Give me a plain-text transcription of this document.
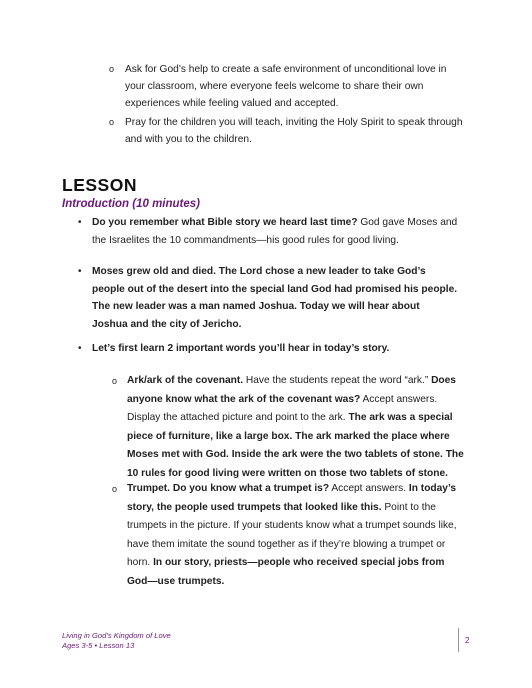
o Ask for God’s help to create a safe environment of unconditional love in your classroom, where everyone feels welcome to share their own experiences while feeling valued and accepted.
o Pray for the children you will teach, inviting the Holy Spirit to speak through and with you to the children.
LESSON
Introduction (10 minutes)
•	Do you remember what Bible story we heard last time? God gave Moses and the Israelites the 10 commandments—his good rules for good living.
•	Moses grew old and died. The Lord chose a new leader to take God’s people out of the desert into the special land God had promised his people. The new leader was a man named Joshua. Today we will hear about Joshua and the city of Jericho.
•	Let’s first learn 2 important words you’ll hear in today’s story.
o Ark/ark of the covenant. Have the students repeat the word “ark.” Does anyone know what the ark of the covenant was? Accept answers. Display the attached picture and point to the ark. The ark was a special piece of furniture, like a large box. The ark marked the place where Moses met with God. Inside the ark were the two tablets of stone. The 10 rules for good living were written on those two tablets of stone.
o Trumpet. Do you know what a trumpet is? Accept answers. In today’s story, the people used trumpets that looked like this. Point to the trumpets in the picture. If your students know what a trumpet sounds like, have them imitate the sound together as if they’re blowing a trumpet or horn. In our story, priests—people who received special jobs from God—use trumpets.
Living in God’s Kingdom of Love
Ages 3-5 • Lesson 13
2
